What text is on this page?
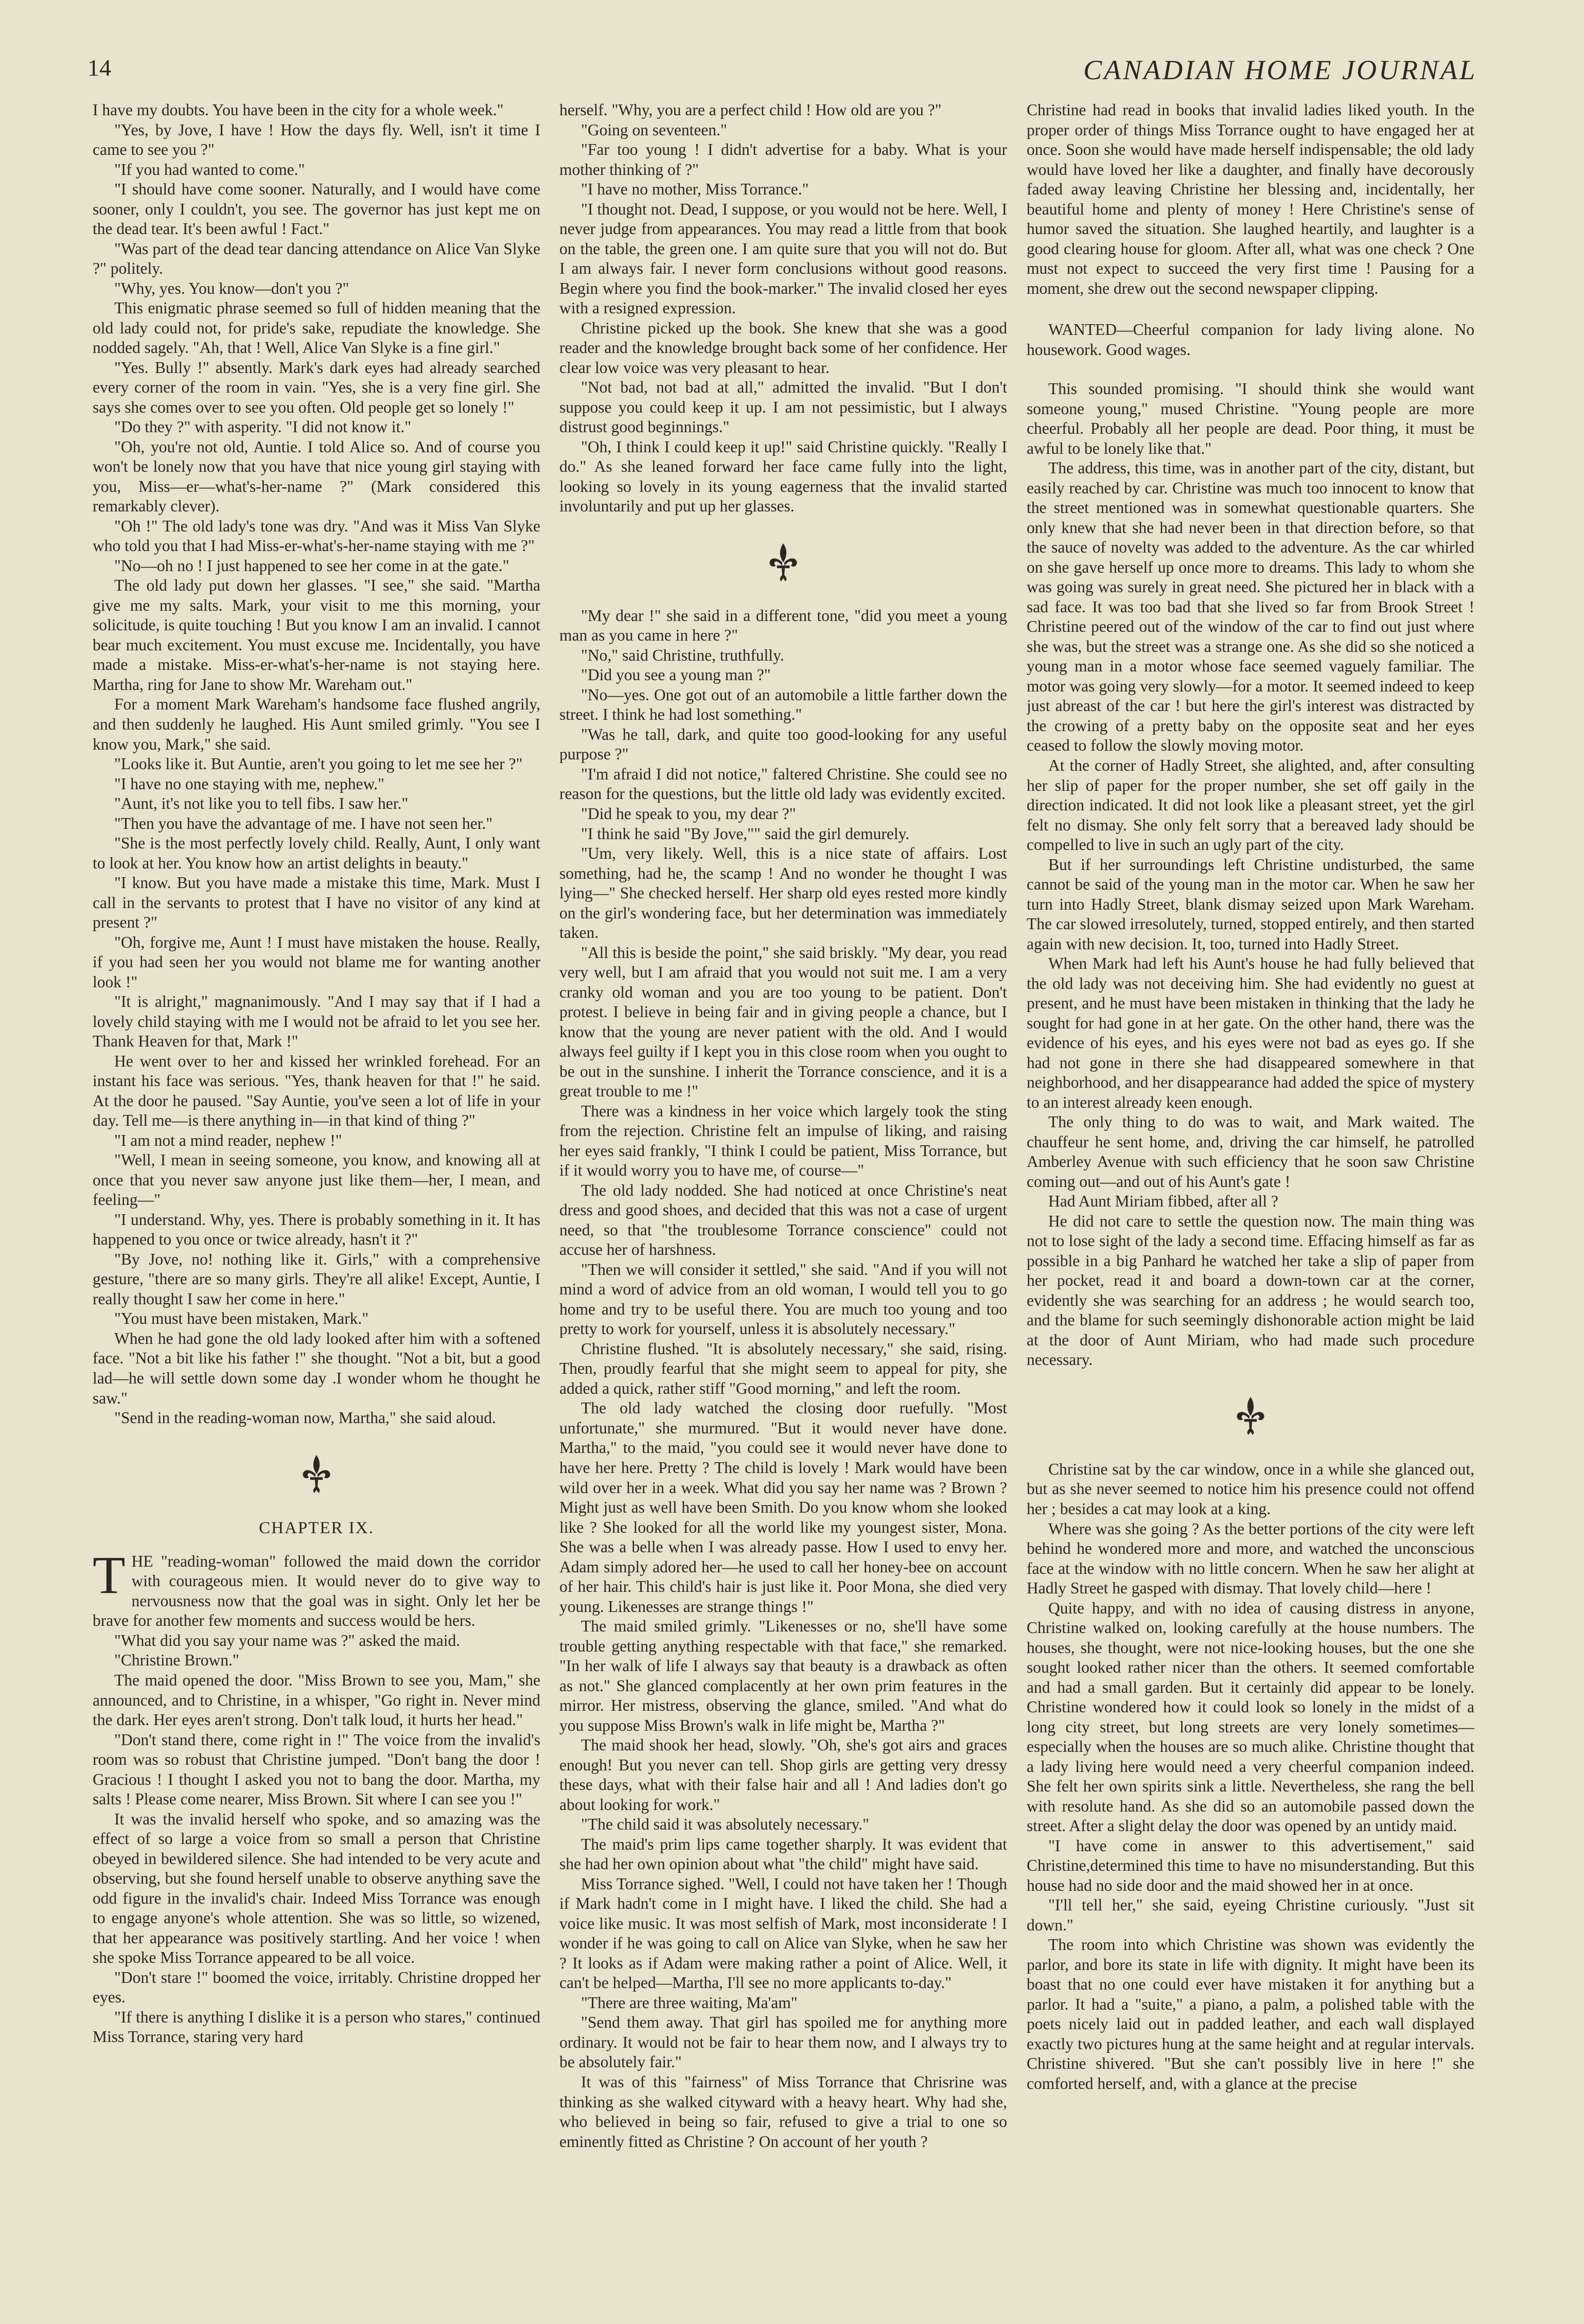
14	CANADIAN HOME JOURNAL

I have my doubts. You have been in the city for a whole week."

"Yes, by Jove, I have ! How the days fly. Well, isn't it time I came to see you ?"

"If you had wanted to come."

"I should have come sooner. Naturally, and I would have come sooner, only I couldn't, you see. The governor has just kept me on the dead tear. It's been awful ! Fact."

"Was part of the dead tear dancing attendance on Alice Van Slyke ?" politely.

"Why, yes. You know—don't you ?"

This enigmatic phrase seemed so full of hidden meaning that the old lady could not, for pride's sake, repudiate the knowledge. She nodded sagely. "Ah, that ! Well, Alice Van Slyke is a fine girl."

"Yes. Bully !" absently. Mark's dark eyes had already searched every corner of the room in vain. "Yes, she is a very fine girl. She says she comes over to see you often. Old people get so lonely !"

"Do they ?" with asperity. "I did not know it."

"Oh, you're not old, Auntie. I told Alice so. And of course you won't be lonely now that you have that nice young girl staying with you, Miss—er—what's-her-name ?" (Mark considered this remarkably clever).

"Oh !" The old lady's tone was dry. "And was it Miss Van Slyke who told you that I had Miss-er-what's-her-name staying with me ?"

"No—oh no ! I just happened to see her come in at the gate."

The old lady put down her glasses. "I see," she said. "Martha give me my salts. Mark, your visit to me this morning, your solicitude, is quite touching ! But you know I am an invalid. I cannot bear much excitement. You must excuse me. Incidentally, you have made a mistake. Miss-er-what's-her-name is not staying here. Martha, ring for Jane to show Mr. Wareham out."

For a moment Mark Wareham's handsome face flushed angrily, and then suddenly he laughed. His Aunt smiled grimly. "You see I know you, Mark," she said.

"Looks like it. But Auntie, aren't you going to let me see her ?"

"I have no one staying with me, nephew."

"Aunt, it's not like you to tell fibs. I saw her."

"Then you have the advantage of me. I have not seen her."

"She is the most perfectly lovely child. Really, Aunt, I only want to look at her. You know how an artist delights in beauty."

"I know. But you have made a mistake this time, Mark. Must I call in the servants to protest that I have no visitor of any kind at present ?"

"Oh, forgive me, Aunt ! I must have mistaken the house. Really, if you had seen her you would not blame me for wanting another look !"

"It is alright," magnanimously. "And I may say that if I had a lovely child staying with me I would not be afraid to let you see her. Thank Heaven for that, Mark !"

He went over to her and kissed her wrinkled forehead. For an instant his face was serious. "Yes, thank heaven for that !" he said. At the door he paused. "Say Auntie, you've seen a lot of life in your day. Tell me—is there anything in—in that kind of thing ?"

"I am not a mind reader, nephew !"

"Well, I mean in seeing someone, you know, and knowing all at once that you never saw anyone just like them—her, I mean, and feeling—"

"I understand. Why, yes. There is probably something in it. It has happened to you once or twice already, hasn't it ?"

"By Jove, no! nothing like it. Girls," with a comprehensive gesture, "there are so many girls. They're all alike! Except, Auntie, I really thought I saw her come in here."

"You must have been mistaken, Mark."

When he had gone the old lady looked after him with a softened face. "Not a bit like his father !" she thought. "Not a bit, but a good lad—he will settle down some day .I wonder whom he thought he saw."

"Send in the reading-woman now, Martha," she said aloud.

CHAPTER IX.

THE "reading-woman" followed the maid down the corridor with courageous mien. It would never do to give way to nervousness now that the goal was in sight. Only let her be brave for another few moments and success would be hers.

"What did you say your name was ?" asked the maid.

"Christine Brown."

The maid opened the door. "Miss Brown to see you, Mam," she announced, and to Christine, in a whisper, "Go right in. Never mind the dark. Her eyes aren't strong. Don't talk loud, it hurts her head."

"Don't stand there, come right in !" The voice from the invalid's room was so robust that Christine jumped. "Don't bang the door ! Gracious ! I thought I asked you not to bang the door. Martha, my salts ! Please come nearer, Miss Brown. Sit where I can see you !"

It was the invalid herself who spoke, and so amazing was the effect of so large a voice from so small a person that Christine obeyed in bewildered silence. She had intended to be very acute and observing, but she found herself unable to observe anything save the odd figure in the invalid's chair. Indeed Miss Torrance was enough to engage anyone's whole attention. She was so little, so wizened, that her appearance was positively startling. And her voice ! when she spoke Miss Torrance appeared to be all voice.

"Don't stare !" boomed the voice, irritably. Christine dropped her eyes.

"If there is anything I dislike it is a person who stares," continued Miss Torrance, staring very hard

herself. "Why, you are a perfect child ! How old are you ?"

"Going on seventeen."

"Far too young ! I didn't advertise for a baby. What is your mother thinking of ?"

"I have no mother, Miss Torrance."

"I thought not. Dead, I suppose, or you would not be here. Well, I never judge from appearances. You may read a little from that book on the table, the green one. I am quite sure that you will not do. But I am always fair. I never form conclusions without good reasons. Begin where you find the book-marker." The invalid closed her eyes with a resigned expression.

Christine picked up the book. She knew that she was a good reader and the knowledge brought back some of her confidence. Her clear low voice was very pleasant to hear.

"Not bad, not bad at all," admitted the invalid. "But I don't suppose you could keep it up. I am not pessimistic, but I always distrust good beginnings."

"Oh, I think I could keep it up!" said Christine quickly. "Really I do." As she leaned forward her face came fully into the light, looking so lovely in its young eagerness that the invalid started involuntarily and put up her glasses.

"My dear !" she said in a different tone, "did you meet a young man as you came in here ?"

"No," said Christine, truthfully.

"Did you see a young man ?"

"No—yes. One got out of an automobile a little farther down the street. I think he had lost something."

"Was he tall, dark, and quite too good-looking for any useful purpose ?"

"I'm afraid I did not notice," faltered Christine. She could see no reason for the questions, but the little old lady was evidently excited.

"Did he speak to you, my dear ?"

"I think he said "By Jove,"" said the girl demurely.

"Um, very likely. Well, this is a nice state of affairs. Lost something, had he, the scamp ! And no wonder he thought I was lying—" She checked herself. Her sharp old eyes rested more kindly on the girl's wondering face, but her determination was immediately taken.

"All this is beside the point," she said briskly. "My dear, you read very well, but I am afraid that you would not suit me. I am a very cranky old woman and you are too young to be patient. Don't protest. I believe in being fair and in giving people a chance, but I know that the young are never patient with the old. And I would always feel guilty if I kept you in this close room when you ought to be out in the sunshine. I inherit the Torrance conscience, and it is a great trouble to me !"

There was a kindness in her voice which largely took the sting from the rejection. Christine felt an impulse of liking, and raising her eyes said frankly, "I think I could be patient, Miss Torrance, but if it would worry you to have me, of course—"

The old lady nodded. She had noticed at once Christine's neat dress and good shoes, and decided that this was not a case of urgent need, so that "the troublesome Torrance conscience" could not accuse her of harshness.

"Then we will consider it settled," she said. "And if you will not mind a word of advice from an old woman, I would tell you to go home and try to be useful there. You are much too young and too pretty to work for yourself, unless it is absolutely necessary."

Christine flushed. "It is absolutely necessary," she said, rising. Then, proudly fearful that she might seem to appeal for pity, she added a quick, rather stiff "Good morning," and left the room.

The old lady watched the closing door ruefully. "Most unfortunate," she murmured. "But it would never have done. Martha," to the maid, "you could see it would never have done to have her here. Pretty ? The child is lovely ! Mark would have been wild over her in a week. What did you say her name was ? Brown ? Might just as well have been Smith. Do you know whom she looked like ? She looked for all the world like my youngest sister, Mona. She was a belle when I was already passe. How I used to envy her. Adam simply adored her—he used to call her honey-bee on account of her hair. This child's hair is just like it. Poor Mona, she died very young. Likenesses are strange things !"

The maid smiled grimly. "Likenesses or no, she'll have some trouble getting anything respectable with that face," she remarked. "In her walk of life I always say that beauty is a drawback as often as not." She glanced complacently at her own prim features in the mirror. Her mistress, observing the glance, smiled. "And what do you suppose Miss Brown's walk in life might be, Martha ?"

The maid shook her head, slowly. "Oh, she's got airs and graces enough! But you never can tell. Shop girls are getting very dressy these days, what with their false hair and all ! And ladies don't go about looking for work."

"The child said it was absolutely necessary."

The maid's prim lips came together sharply. It was evident that she had her own opinion about what "the child" might have said.

Miss Torrance sighed. "Well, I could not have taken her ! Though if Mark hadn't come in I might have. I liked the child. She had a voice like music. It was most selfish of Mark, most inconsiderate ! I wonder if he was going to call on Alice van Slyke, when he saw her ? It looks as if Adam were making rather a point of Alice. Well, it can't be helped—Martha, I'll see no more applicants to-day."

"There are three waiting, Ma'am"

"Send them away. That girl has spoiled me for anything more ordinary. It would not be fair to hear them now, and I always try to be absolutely fair."

It was of this "fairness" of Miss Torrance that Chrisrine was thinking as she walked cityward with a heavy heart. Why had she, who believed in being so fair, refused to give a trial to one so eminently fitted as Christine ? On account of her youth ?

Christine had read in books that invalid ladies liked youth. In the proper order of things Miss Torrance ought to have engaged her at once. Soon she would have made herself indispensable; the old lady would have loved her like a daughter, and finally have decorously faded away leaving Christine her blessing and, incidentally, her beautiful home and plenty of money ! Here Christine's sense of humor saved the situation. She laughed heartily, and laughter is a good clearing house for gloom. After all, what was one check ? One must not expect to succeed the very first time ! Pausing for a moment, she drew out the second newspaper clipping.

WANTED—Cheerful companion for lady living alone. No housework. Good wages.

This sounded promising. "I should think she would want someone young," mused Christine. "Young people are more cheerful. Probably all her people are dead. Poor thing, it must be awful to be lonely like that."

The address, this time, was in another part of the city, distant, but easily reached by car. Christine was much too innocent to know that the street mentioned was in somewhat questionable quarters. She only knew that she had never been in that direction before, so that the sauce of novelty was added to the adventure. As the car whirled on she gave herself up once more to dreams. This lady to whom she was going was surely in great need. She pictured her in black with a sad face. It was too bad that she lived so far from Brook Street ! Christine peered out of the window of the car to find out just where she was, but the street was a strange one. As she did so she noticed a young man in a motor whose face seemed vaguely familiar. The motor was going very slowly—for a motor. It seemed indeed to keep just abreast of the car ! but here the girl's interest was distracted by the crowing of a pretty baby on the opposite seat and her eyes ceased to follow the slowly moving motor.

At the corner of Hadly Street, she alighted, and, after consulting her slip of paper for the proper number, she set off gaily in the direction indicated. It did not look like a pleasant street, yet the girl felt no dismay. She only felt sorry that a bereaved lady should be compelled to live in such an ugly part of the city.

But if her surroundings left Christine undisturbed, the same cannot be said of the young man in the motor car. When he saw her turn into Hadly Street, blank dismay seized upon Mark Wareham. The car slowed irresolutely, turned, stopped entirely, and then started again with new decision. It, too, turned into Hadly Street.

When Mark had left his Aunt's house he had fully believed that the old lady was not deceiving him. She had evidently no guest at present, and he must have been mistaken in thinking that the lady he sought for had gone in at her gate. On the other hand, there was the evidence of his eyes, and his eyes were not bad as eyes go. If she had not gone in there she had disappeared somewhere in that neighborhood, and her disappearance had added the spice of mystery to an interest already keen enough.

The only thing to do was to wait, and Mark waited. The chauffeur he sent home, and, driving the car himself, he patrolled Amberley Avenue with such efficiency that he soon saw Christine coming out—and out of his Aunt's gate !

Had Aunt Miriam fibbed, after all ?

He did not care to settle the question now. The main thing was not to lose sight of the lady a second time. Effacing himself as far as possible in a big Panhard he watched her take a slip of paper from her pocket, read it and board a down-town car at the corner, evidently she was searching for an address ; he would search too, and the blame for such seemingly dishonorable action might be laid at the door of Aunt Miriam, who had made such procedure necessary.

Christine sat by the car window, once in a while she glanced out, but as she never seemed to notice him his presence could not offend her ; besides a cat may look at a king.

Where was she going ? As the better portions of the city were left behind he wondered more and more, and watched the unconscious face at the window with no little concern. When he saw her alight at Hadly Street he gasped with dismay. That lovely child—here !

Quite happy, and with no idea of causing distress in anyone, Christine walked on, looking carefully at the house numbers. The houses, she thought, were not nice-looking houses, but the one she sought looked rather nicer than the others. It seemed comfortable and had a small garden. But it certainly did appear to be lonely. Christine wondered how it could look so lonely in the midst of a long city street, but long streets are very lonely sometimes—especially when the houses are so much alike. Christine thought that a lady living here would need a very cheerful companion indeed. She felt her own spirits sink a little. Nevertheless, she rang the bell with resolute hand. As she did so an automobile passed down the street. After a slight delay the door was opened by an untidy maid.

"I have come in answer to this advertisement," said Christine,determined this time to have no misunderstanding. But this house had no side door and the maid showed her in at once.

"I'll tell her," she said, eyeing Christine curiously. "Just sit down."

The room into which Christine was shown was evidently the parlor, and bore its state in life with dignity. It might have been its boast that no one could ever have mistaken it for anything but a parlor. It had a "suite," a piano, a palm, a polished table with the poets nicely laid out in padded leather, and each wall displayed exactly two pictures hung at the same height and at regular intervals. Christine shivered. "But she can't possibly live in here !" she comforted herself, and, with a glance at the precise
